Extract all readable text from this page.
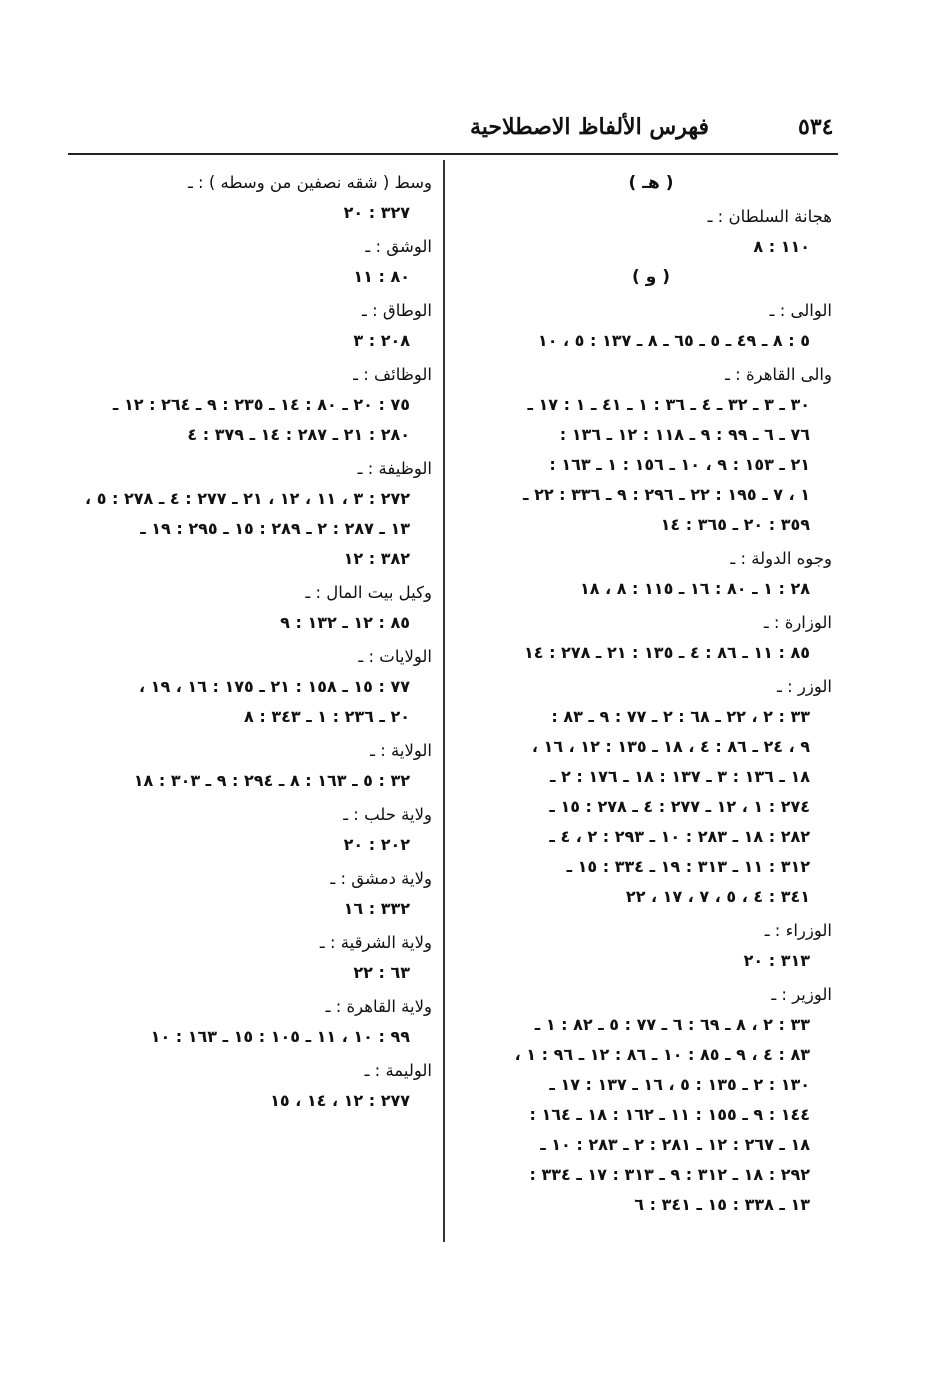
فهرس الألفاظ الاصطلاحية	٥٣٤
( هـ )
هجانة السلطان : ـ
١١٠ : ٨
( و )
الوالى : ـ
٥ : ٨ ـ ٤٩ ـ ٥ ـ ٦٥ ـ ٨ ـ ١٣٧ : ٥ ، ١٠
والى القاهرة : ـ
٣٠ ـ ٣ ـ ٣٢ ـ ٤ ـ ٣٦ : ١ ـ ٤١ ـ ١ : ١٧ ـ
٧٦ ـ ٦ ـ ٩٩ : ٩ ـ ١١٨ : ١٢ ـ ١٣٦ :
٢١ ـ ١٥٣ : ٩ ، ١٠ ـ ١٥٦ : ١ ـ ١٦٣ :
١ ، ٧ ـ ١٩٥ : ٢٢ ـ ٢٩٦ : ٩ ـ ٣٣٦ : ٢٢ ـ
٣٥٩ : ٢٠ ـ ٣٦٥ : ١٤
وجوه الدولة : ـ
٢٨ : ١ ـ ٨٠ : ١٦ ـ ١١٥ : ٨ ، ١٨
الوزارة : ـ
٨٥ : ١١ ـ ٨٦ : ٤ ـ ١٣٥ : ٢١ ـ ٢٧٨ : ١٤
الوزر : ـ
٣٣ : ٢ ، ٢٢ ـ ٦٨ : ٢ ـ ٧٧ : ٩ ـ ٨٣ :
٩ ، ٢٤ ـ ٨٦ : ٤ ، ١٨ ـ ١٣٥ : ١٢ ، ١٦ ،
١٨ ـ ١٣٦ : ٣ ـ ١٣٧ : ١٨ ـ ١٧٦ : ٢ ـ
٢٧٤ : ١ ، ١٢ ـ ٢٧٧ : ٤ ـ ٢٧٨ : ١٥ ـ
٢٨٢ : ١٨ ـ ٢٨٣ : ١٠ ـ ٢٩٣ : ٢ ، ٤ ـ
٣١٢ : ١١ ـ ٣١٣ : ١٩ ـ ٣٣٤ : ١٥ ـ
٣٤١ : ٤ ، ٥ ، ٧ ، ١٧ ، ٢٢
الوزراء : ـ
٣١٣ : ٢٠
الوزير : ـ
٣٣ : ٢ ، ٨ ـ ٦٩ : ٦ ـ ٧٧ : ٥ ـ ٨٢ : ١ ـ
٨٣ : ٤ ، ٩ ـ ٨٥ : ١٠ ـ ٨٦ : ١٢ ـ ٩٦ : ١ ،
١٣٠ : ٢ ـ ١٣٥ : ٥ ، ١٦ ـ ١٣٧ : ١٧ ـ
١٤٤ : ٩ ـ ١٥٥ : ١١ ـ ١٦٢ : ١٨ ـ ١٦٤ :
١٨ ـ ٢٦٧ : ١٢ ـ ٢٨١ : ٢ ـ ٢٨٣ : ١٠ ـ
٢٩٢ : ١٨ ـ ٣١٢ : ٩ ـ ٣١٣ : ١٧ ـ ٣٣٤ :
١٣ ـ ٣٣٨ : ١٥ ـ ٣٤١ : ٦
وسط ( شقه نصفين من وسطه ) : ـ
٣٢٧ : ٢٠
الوشق : ـ
٨٠ : ١١
الوطاق : ـ
٢٠٨ : ٣
الوظائف : ـ
٧٥ : ٢٠ ـ ٨٠ : ١٤ ـ ٢٣٥ : ٩ ـ ٢٦٤ : ١٢ ـ
٢٨٠ : ٢١ ـ ٢٨٧ : ١٤ ـ ٣٧٩ : ٤
الوظيفة : ـ
٢٧٢ : ٣ ، ١١ ، ١٢ ، ٢١ ـ ٢٧٧ : ٤ ـ ٢٧٨ : ٥ ،
١٣ ـ ٢٨٧ : ٢ ـ ٢٨٩ : ١٥ ـ ٢٩٥ : ١٩ ـ
٣٨٢ : ١٢
وكيل بيت المال : ـ
٨٥ : ١٢ ـ ١٣٢ : ٩
الولايات : ـ
٧٧ : ١٥ ـ ١٥٨ : ٢١ ـ ١٧٥ : ١٦ ، ١٩ ،
٢٠ ـ ٢٣٦ : ١ ـ ٣٤٣ : ٨
الولاية : ـ
٣٢ : ٥ ـ ١٦٣ : ٨ ـ ٢٩٤ : ٩ ـ ٣٠٣ : ١٨
ولاية حلب : ـ
٢٠٢ : ٢٠
ولاية دمشق : ـ
٣٣٢ : ١٦
ولاية الشرقية : ـ
٦٣ : ٢٢
ولاية القاهرة : ـ
٩٩ : ١٠ ، ١١ ـ ١٠٥ : ١٥ ـ ١٦٣ : ١٠
الوليمة : ـ
٢٧٧ : ١٢ ، ١٤ ، ١٥
